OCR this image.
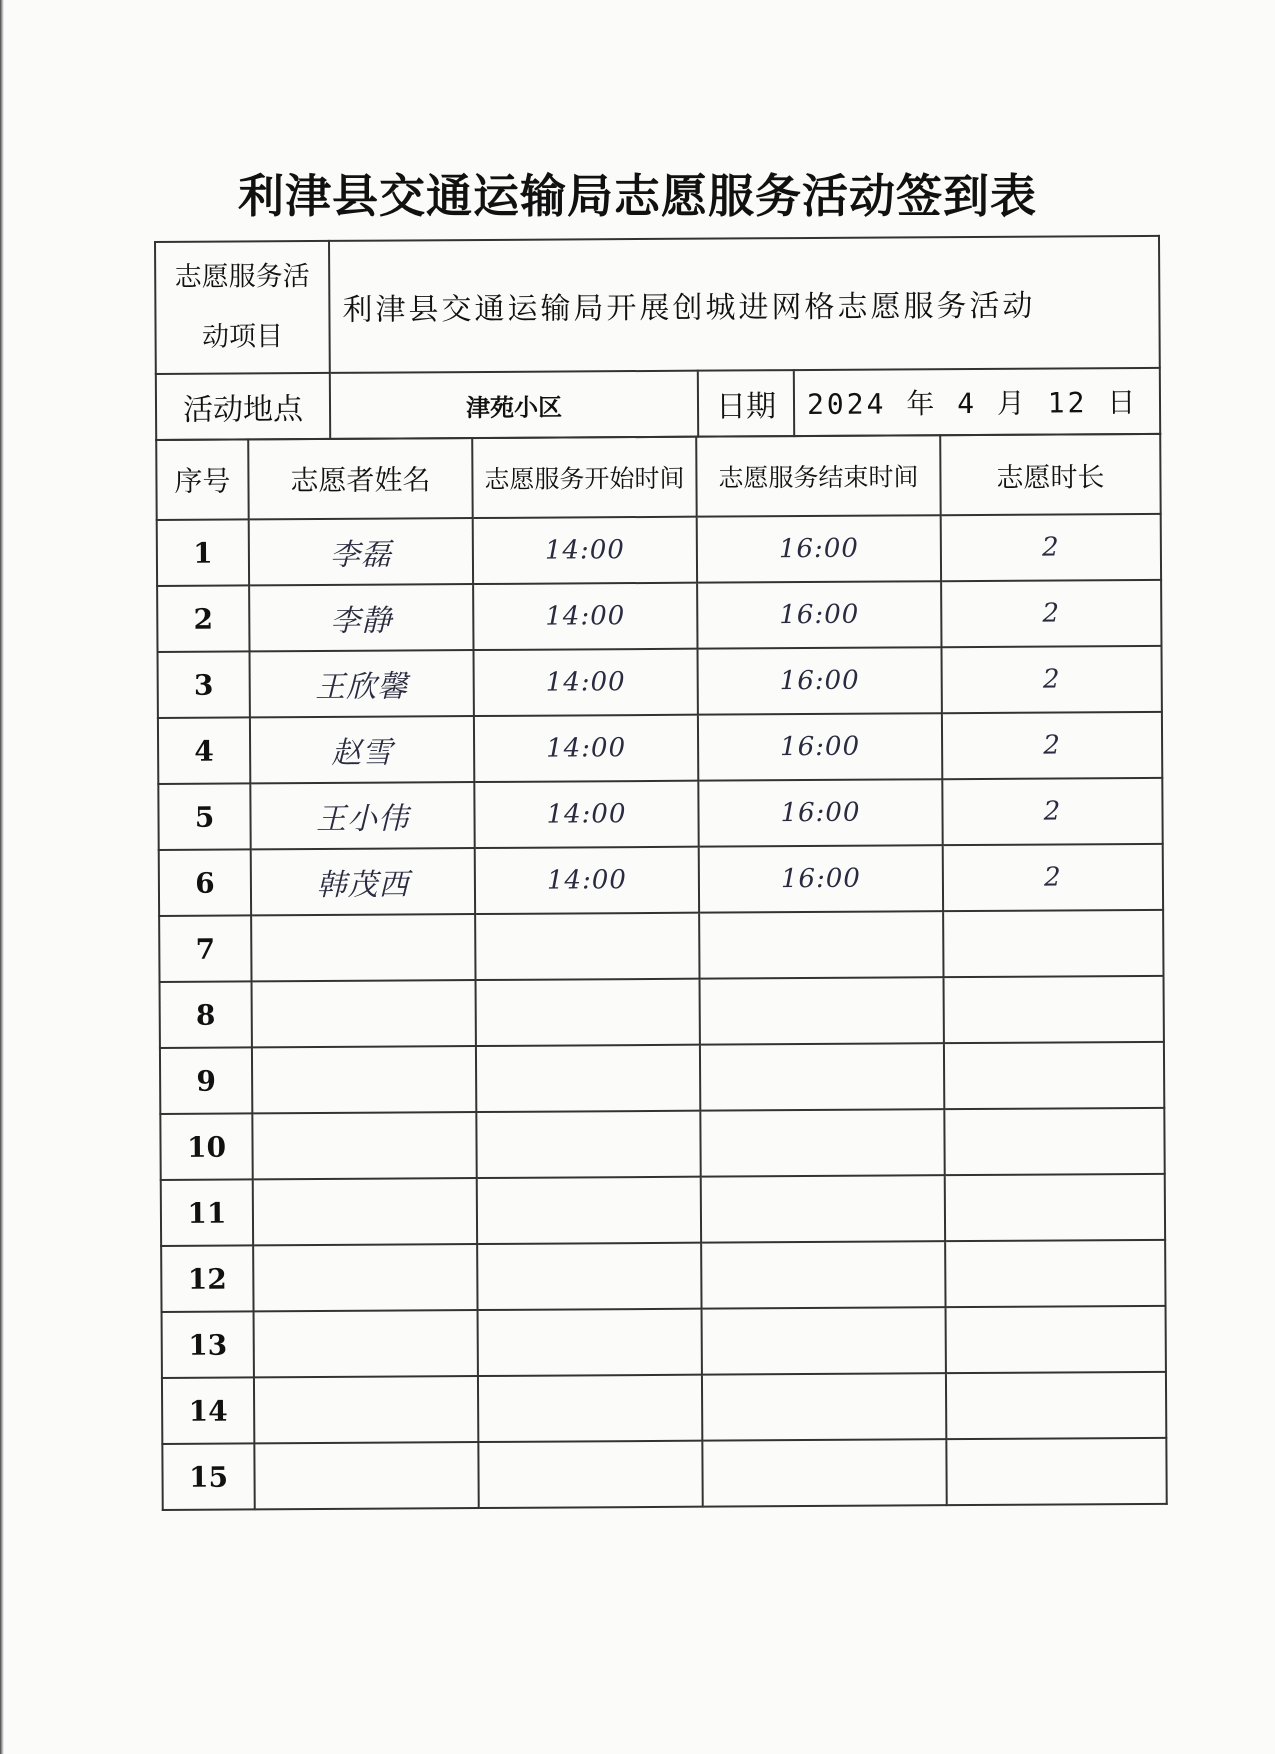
利津县交通运输局志愿服务活动签到表
志愿服务活
动项目	利津县交通运输局开展创城进网格志愿服务活动		
活动地点	津苑小区	日期	2024 年 4 月 12 日
序号	志愿者姓名	志愿服务开始时间	志愿服务结束时间	志愿时长
1	李磊	14:00	16:00	2
2	李静	14:00	16:00	2
3	王欣馨	14:00	16:00	2
4	赵雪	14:00	16:00	2
5	王小伟	14:00	16:00	2
6	韩茂西	14:00	16:00	2
7				
8				
9				
10				
11				
12				
13				
14				
15				
